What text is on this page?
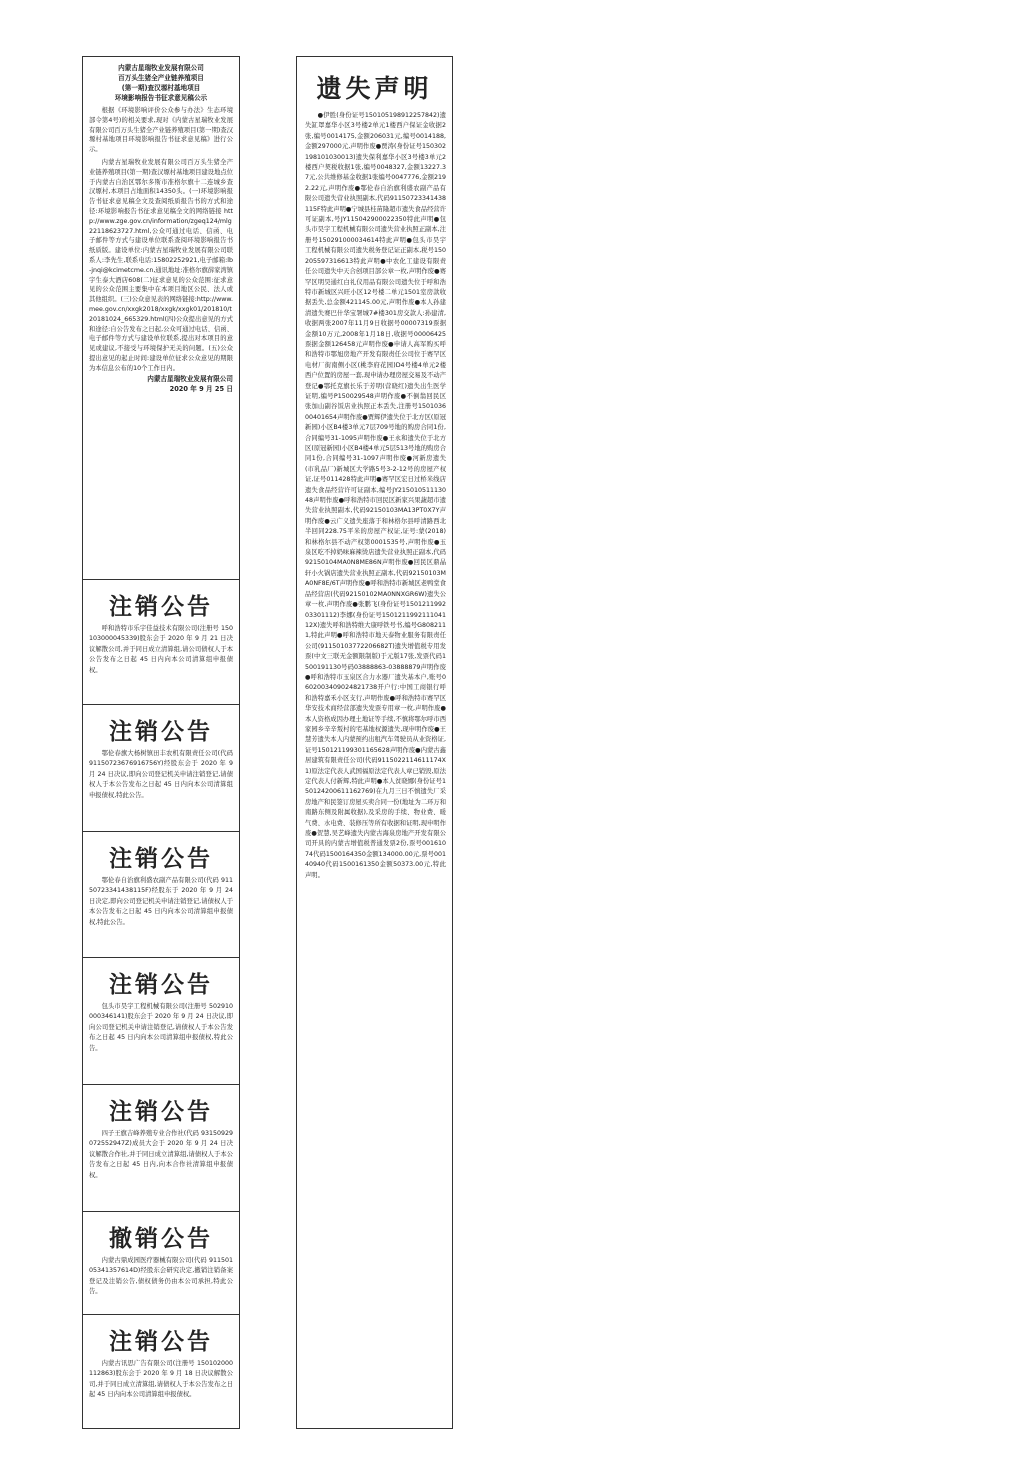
内蒙古星瑞牧业发展有限公司
百万头生猪全产业链养殖项目
(第一期)查汉塬村基地项目
环境影响报告书征求意见稿公示

根据《环境影响评价公众参与办法》生态环境部令第4号)的相关要求,现对《内蒙古星瑞牧业发展有限公司百万头生猪全产业链养殖项目(第一期)查汉塬村基地项目环境影响报告书征求意见稿》进行公示。

内蒙古星瑞牧业发展有限公司百万头生猪全产业链养殖项目(第一期)查汉塬村基地项目建设地点位于内蒙古自治区鄂尔多斯市准格尔旗十二连城乡查汉塬村,本项目占地面积14350头。(一)环境影响报告书征求意见稿全文及查阅纸质报告书的方式和途径:环境影响报告书征求意见稿全文的网络链接 http://www.zge.gov.cn/information/zgeq124/mlg22118623727.html,公众可通过电话、信函、电子邮件等方式与建设单位联系查阅环境影响报告书纸质版。建设单位:内蒙古星瑞牧业发展有限公司联系人:李先生,联系电话:15802252921,电子邮箱:lb-jnqi@kcimetcme.cn,通讯地址:准格尔旗薛家湾镇宇生泰大酒店608(二)征求意见的公众范围:征求意见的公众范围主要集中在本项目地区公民、法人或其他组织。(三)公众意见表的网络链接:http://www.mee.gov.cn/xxgk2018/xxgk/xxgk01/201810/t20181024_665329.html(四)公众提出意见的方式和途径:自公告发布之日起,公众可通过电话、信函、电子邮件等方式与建设单位联系,提出对本项目的意见或建议,不接受与环境保护无关的问题。(五)公众提出意见的起止时间:建设单位征求公众意见的期限为本信息公布的10个工作日内。

内蒙古星瑞牧业发展有限公司
2020 年 9 月 25 日
注销公告

呼和浩特市乐宇佳益技术有限公司(注册号 150103000045339)股东会于 2020 年 9 月 21 日决议解散公司,并于同日成立清算组,请公司债权人于本公告发布之日起 45 日内向本公司清算组申报债权。

注销公告

鄂伦春旗大杨树镇田丰农机有限责任公司(代码 91150723676916756Y)经股东会于 2020 年 9 月 24 日决议,即向公司登记机关申请注销登记,请债权人于本公告发布之日起 45 日内向本公司清算组申报债权,特此公告。

注销公告

鄂伦春自治旗利盛农副产品有限公司(代码 91150723341438115F)经股东于 2020 年 9 月 24 日决定,即向公司登记机关申请注销登记,请债权人于本公告发布之日起 45 日内向本公司清算组申报债权,特此公告。

注销公告

包头市昊宇工程机械有限公司(注册号 502910000346141)股东会于 2020 年 9 月 24 日决议,即向公司登记机关申请注销登记,请债权人于本公告发布之日起 45 日内向本公司清算组申报债权,特此公告。

注销公告

四子王旗吉峰养殖专业合作社(代码 93150929072552947Z)成员大会于 2020 年 9 月 24 日决议解散合作社,并于同日成立清算组,请债权人于本公告发布之日起 45 日内,向本合作社清算组申报债权。

撤销公告

内蒙古鼎成园医疗器械有限公司(代码 91150105341357614D)经股东会研究决定,撤销注销备案登记及注销公告,债权债务仍由本公司承担,特此公告。

注销公告

内蒙古讯思广告有限公司(注册号 150102000112863)股东会于 2020 年 9 月 18 日决议解散公司,并于同日成立清算组,请债权人于本公告发布之日起 45 日内向本公司清算组申报债权。

遗失声明

●伊胜(身份证号150105198912257842)遗失缸罩嘉华小区3号楼2单元1楼西户保证金收据2张,编号0014175,金额206031元,编号0014188,金额297000元,声明作废●贾涛(身份证号150302198101030013)遗失保利嘉华小区3号楼3单元2楼西户契税收据1张,编号0048327,金额13227.37元,公共维修基金收据1张编号0047776,金额2192.22元,声明作废●鄂伦春自治旗利盛农副产品有限公司遗失营业执照副本,代码91150723341438115F特此声明●宁城县桂苗隆超市遗失食品经营许可证副本,号JY115042900022350特此声明●包头市昊宇工程机械有限公司遗失营业执照正副本,注册号150291000034614特此声明●包头市昊宇工程机械有限公司遗失税务登记证正副本,税号150205597316613特此声明●中农化工建设有限责任公司遗失中天合创项目部公章一枚,声明作废●赛罕区明昊通红白礼仪用品有限公司遗失位于呼和浩特市新城区兴旺小区12号楼二单元1501室房款收据丢失,总金额421145.00元,声明作废●本人孙建清遗失赛巴什华宝署城7#楼301房交款人:孙建清,收据两张2007年11月9日收据号00007319票据金额10万元,2008年1月18日,收据号00006425票据金额126458元声明作废●申请人高军购买呼和浩特市鄂旭房地产开发有限责任公司位于赛罕区电材厂街南侧小区(桃李府花园)D4号楼4单元2楼西户位置的房屋一套,现申请办理房屋交易及不动产登记●鄂托克旗长乐于芳明(营晓红)遗失出生医学证明,编号P150029548声明作废●不倒翁回民区张加山副谷饭店业执照正本丢失,注册号150103600401654声明作废●贾辉伊遗失位于北方区(原冠新园)小区B4楼3单元7层709号地的购房合同1份,合同编号31-1095声明作废●王永和遗失位于北方区(原冠新园)小区B4楼4单元5层513号地的购房合同1份,合同编号31-1097声明作废●河新房遗失(市乳品厂)新城区大学路5号3-2-12号的房屋产权证,证号011428特此声明●赛罕区宏日过桥米线店遗失食品经营许可证副本,编号JY21501051113048声明作废●呼和浩特市回民区新家兴果蔬超市遗失营业执照副本,代码92150103MA13PT0X7Y声明作废●云广义遗失座落于和林格尔县呼清路西北半回同228.75平米的房屋产权证,证号:蒙(2018)和林格尔县不动产权第0001535号,声明作废●玉泉区吃不掉奶味麻辣烫店遗失营业执照正副本,代码92150104MA0N8ME86N声明作废●回民区鼎晶轩小火锅店遗失营业执照正副本,代码92150103MA0NF8E/6T声明作废●呼和浩特市新城区老鸭堂食品经营店(代码92150102MA0NNXGR6W)遗失公章一枚,声明作废●张鹏飞(身份证号150121199203301112)李娜(身份证号150121199211104112X)遗失呼和浩特维大康呼铁号书,编号G8082111,特此声明●呼和浩特市地天泰物业服务有限责任公司(91150103772206682T)遗失增值税专用发票(中文三联无金额限制版)于元版17张,发票代码1500191130号码03888863-03888879声明作废●呼和浩特市玉泉区合力水器厂遗失基本户,账号0602003409024821738开户行:中国工商银行呼和浩特嘉禾小区支行,声明作废●呼和浩特市赛罕区华安技术商经营部遗失发票专用章一枚,声明作废●本人资格成因办理土地证等手续,不慎将鄂尔呼市西家园乡辛辛叛村的宅基地权源遗失,现申明作废●王慧芳遗失本人内蒙预约出租汽车驾驶员从业资格证,证号150121199301165628声明作废●内蒙古鑫居建筑有限责任公司(代码9115022114611174X1)原法定代表人武国福原法定代表人章已销毁,原法定代表人付新辉,特此声明●本人贫晓娜(身份证号150124200611162769)在九月三日不慎遗失厂采房地产和民签订房屋买卖合同一份(地址为二环万和南路东侧及附属收据),及采房的手续、物业费、暖气费、水电费、装修压等所有收据和证明,现申明作废●贺慧,吴艺峰遗失内蒙古海泉房地产开发有限公司开具的内蒙古增值税普通发票2份,票号00161074代码1500164350金额134000.00元,票号00140940代码1500161350金额50373.00元,特此声明。
